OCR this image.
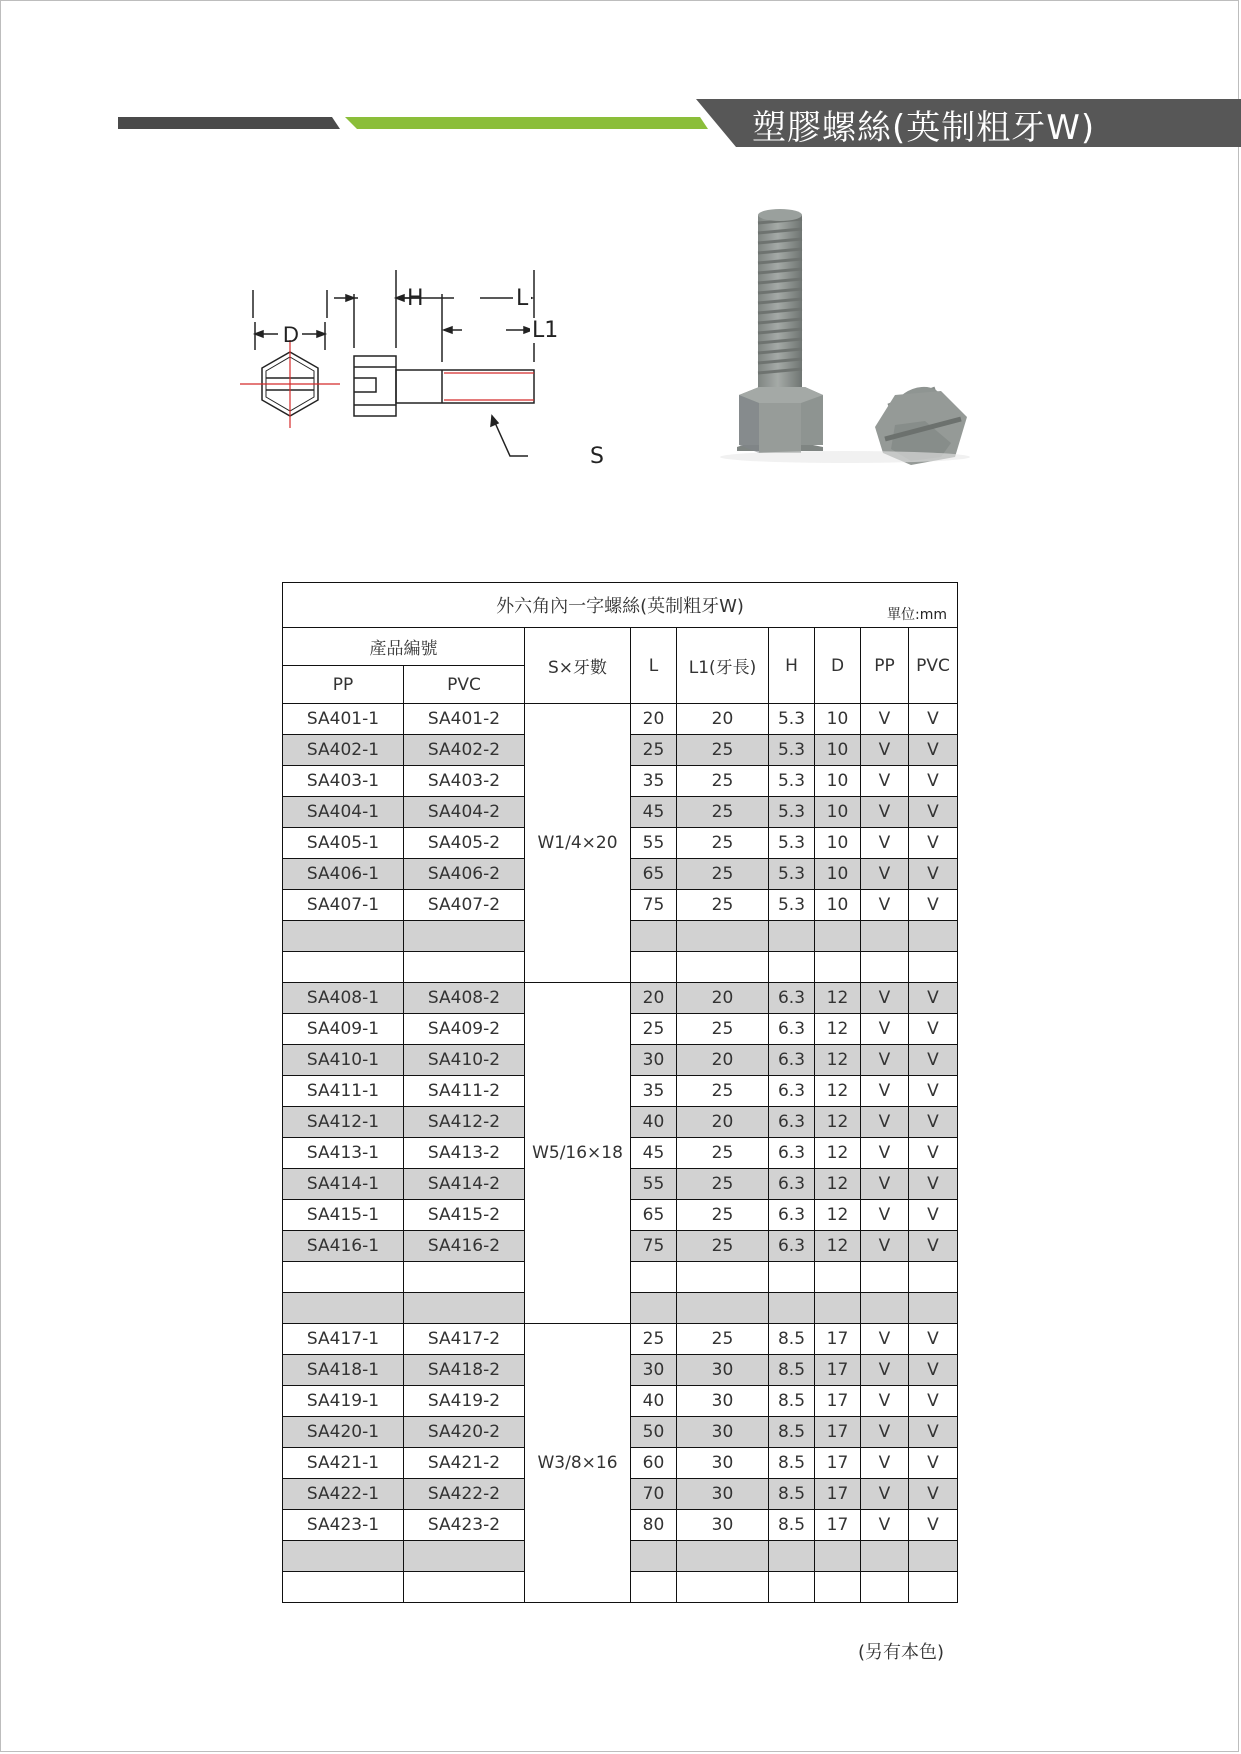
塑膠螺絲(英制粗牙W)
D
H	L
L1
S
外六角內一字螺絲(英制粗牙W) 單位:mm								

產品編號		S×牙數	L	L1(牙長)	H	D	PP	PVC
PP	PVC							
SA401-1	SA401-2	W1/4×20	20	20	5.3	10	V	V
SA402-1	SA402-2		25	25	5.3	10	V	V
SA403-1	SA403-2		35	25	5.3	10	V	V
SA404-1	SA404-2		45	25	5.3	10	V	V
SA405-1	SA405-2		55	25	5.3	10	V	V
SA406-1	SA406-2		65	25	5.3	10	V	V
SA407-1	SA407-2		75	25	5.3	10	V	V

SA408-1	SA408-2	W5/16×18	20	20	6.3	12	V	V
SA409-1	SA409-2		25	25	6.3	12	V	V
SA410-1	SA410-2		30	20	6.3	12	V	V
SA411-1	SA411-2		35	25	6.3	12	V	V
SA412-1	SA412-2		40	20	6.3	12	V	V
SA413-1	SA413-2		45	25	6.3	12	V	V
SA414-1	SA414-2		55	25	6.3	12	V	V
SA415-1	SA415-2		65	25	6.3	12	V	V
SA416-1	SA416-2		75	25	6.3	12	V	V

SA417-1	SA417-2	W3/8×16	25	25	8.5	17	V	V
SA418-1	SA418-2		30	30	8.5	17	V	V
SA419-1	SA419-2		40	30	8.5	17	V	V
SA420-1	SA420-2		50	30	8.5	17	V	V
SA421-1	SA421-2		60	30	8.5	17	V	V
SA422-1	SA422-2		70	30	8.5	17	V	V
SA423-1	SA423-2		80	30	8.5	17	V	V

(另有本色)
